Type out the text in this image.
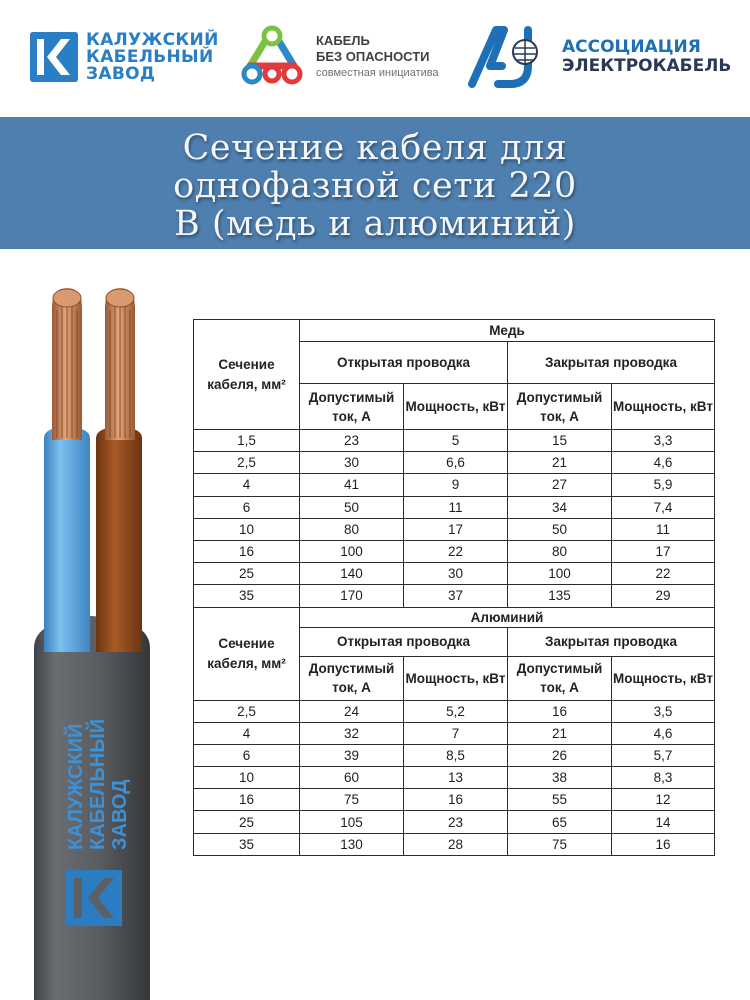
КАЛУЖСКИЙ
КАБЕЛЬНЫЙ
ЗАВОД
КАБЕЛЬ
БЕЗ ОПАСНОСТИ
совместная инициатива
АССОЦИАЦИЯ
ЭЛЕКТРОКАБЕЛЬ
Сечение кабеля для
однофазной сети 220
В (медь и алюминий)
КАЛУЖСКИЙ КАБЕЛЬНЫЙ ЗАВОД
Сечение кабеля, мм²	Медь			
	Открытая проводка		Закрытая проводка	
	Допустимый ток, А	Мощность, кВт	Допустимый ток, А	Мощность, кВт
1,5	23	5	15	3,3
2,5	30	6,6	21	4,6
4	41	9	27	5,9
6	50	11	34	7,4
10	80	17	50	11
16	100	22	80	17
25	140	30	100	22
35	170	37	135	29
Сечение кабеля, мм²	Алюминий			
	Открытая проводка		Закрытая проводка	
	Допустимый ток, А	Мощность, кВт	Допустимый ток, А	Мощность, кВт
2,5	24	5,2	16	3,5
4	32	7	21	4,6
6	39	8,5	26	5,7
10	60	13	38	8,3
16	75	16	55	12
25	105	23	65	14
35	130	28	75	16
